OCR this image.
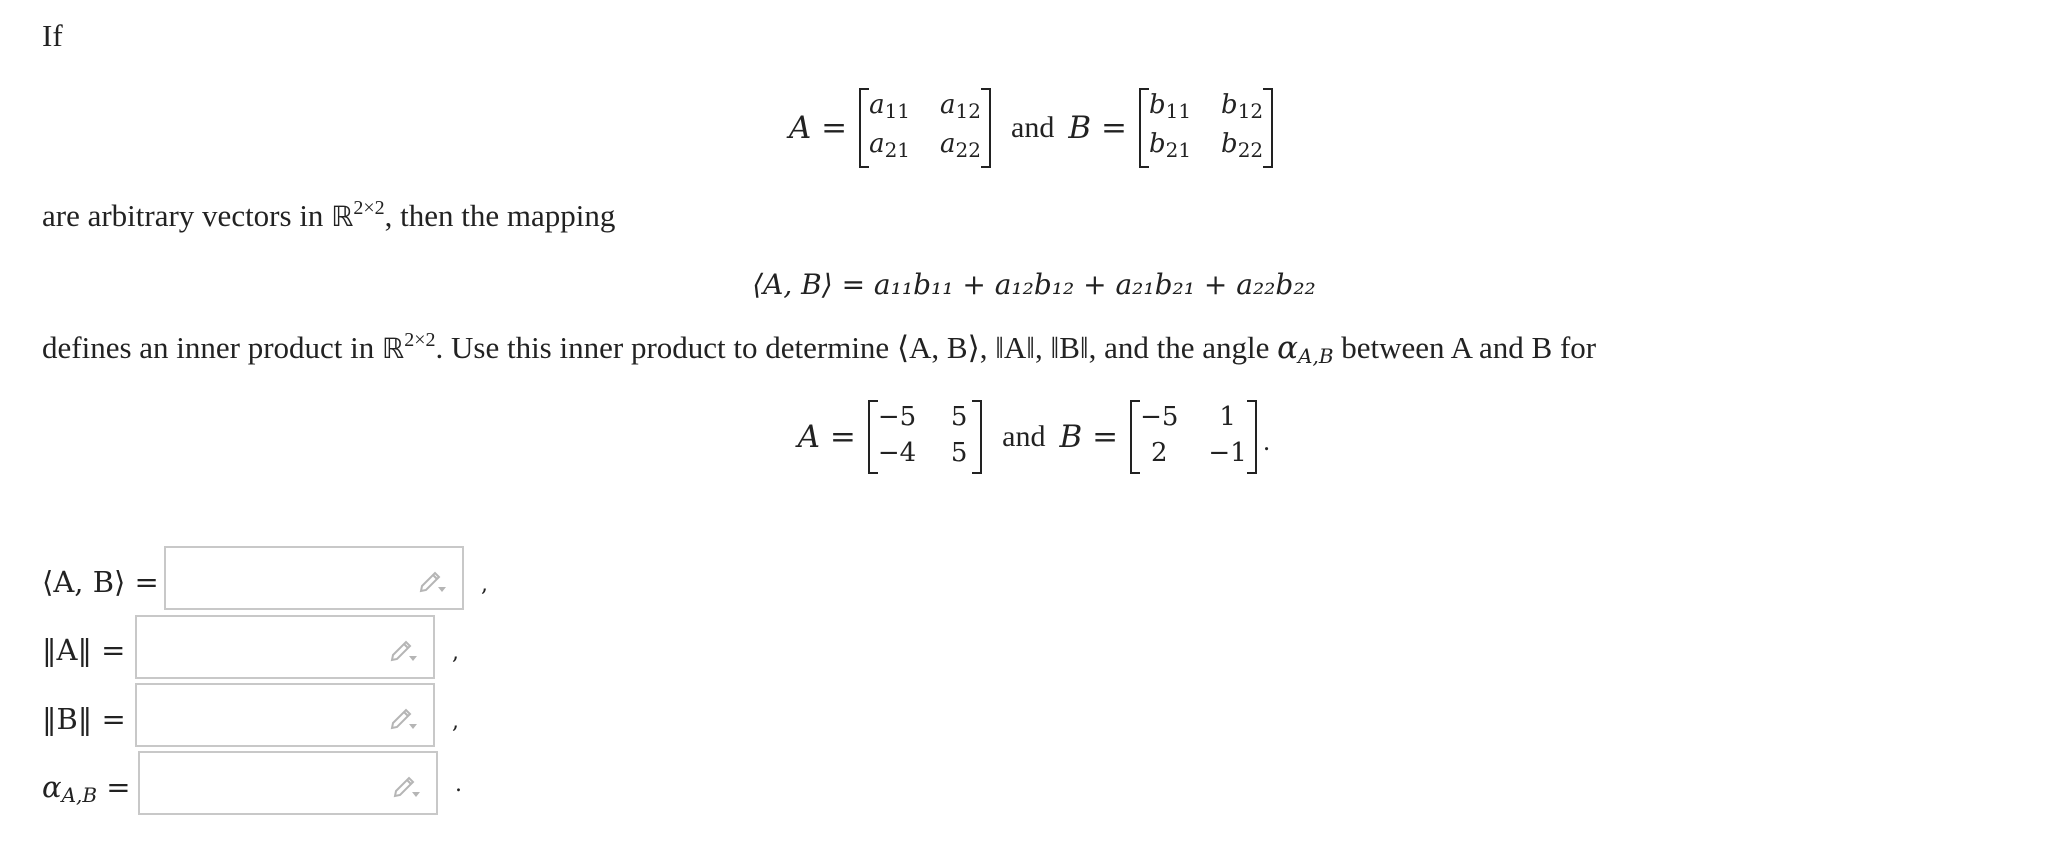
If
A =
$a_{11}$ $a_{12}$
$a_{21}$ $a_{22}$
and B =
$b_{11}$ $b_{12}$
$b_{21}$ $b_{22}$
are arbitrary vectors in ℝ$^{2\times 2}$, then the mapping
⟨A, B⟩ = a₁₁b₁₁ + a₁₂b₁₂ + a₂₁b₂₁ + a₂₂b₂₂
defines an inner product in ℝ$^{2\times 2}$. Use this inner product to determine ⟨A, B⟩, ‖A‖, ‖B‖, and the angle $\alpha_{A,B}$ between A and B for
A =
−5 5
−4 5 and B =
−5	1
2	−1 .
⟨A, B⟩ =	,
‖A‖ =	,
‖B‖ =	,
$\alpha_{A,B}$ =	.
